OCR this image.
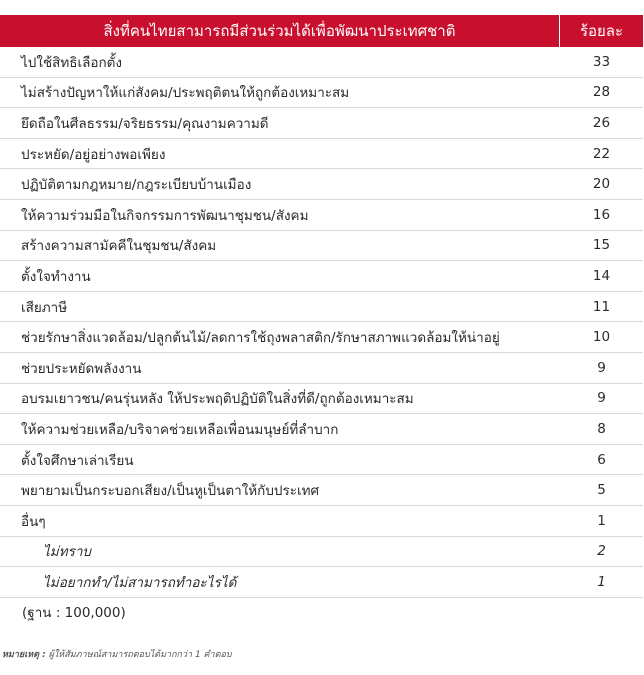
สิ่งที่คนไทยสามารถมีส่วนร่วมได้เพื่อพัฒนาประเทศชาติ	ร้อยละ
ไปใช้สิทธิเลือกตั้ง	33
ไม่สร้างปัญหาให้แก่สังคม/ประพฤติตนให้ถูกต้องเหมาะสม	28
ยึดถือในศีลธรรม/จริยธรรม/คุณงามความดี	26
ประหยัด/อยู่อย่างพอเพียง	22
ปฏิบัติตามกฎหมาย/กฎระเบียบบ้านเมือง	20
ให้ความร่วมมือในกิจกรรมการพัฒนาชุมชน/สังคม	16
สร้างความสามัคคีในชุมชน/สังคม	15
ตั้งใจทำงาน	14
เสียภาษี	11
ช่วยรักษาสิ่งแวดล้อม/ปลูกต้นไม้/ลดการใช้ถุงพลาสติก/รักษาสภาพแวดล้อมให้น่าอยู่	10
ช่วยประหยัดพลังงาน	9
อบรมเยาวชน/คนรุ่นหลัง ให้ประพฤติปฏิบัติในสิ่งที่ดี/ถูกต้องเหมาะสม	9
ให้ความช่วยเหลือ/บริจาคช่วยเหลือเพื่อนมนุษย์ที่ลำบาก	8
ตั้งใจศึกษาเล่าเรียน	6
พยายามเป็นกระบอกเสียง/เป็นหูเป็นตาให้กับประเทศ	5
อื่นๆ	1
ไม่ทราบ	2
ไม่อยากทำ/ไม่สามารถทำอะไรได้	1
(ฐาน : 100,000)
หมายเหตุ : ผู้ให้สัมภาษณ์สามารถตอบได้มากกว่า 1 คำตอบ
